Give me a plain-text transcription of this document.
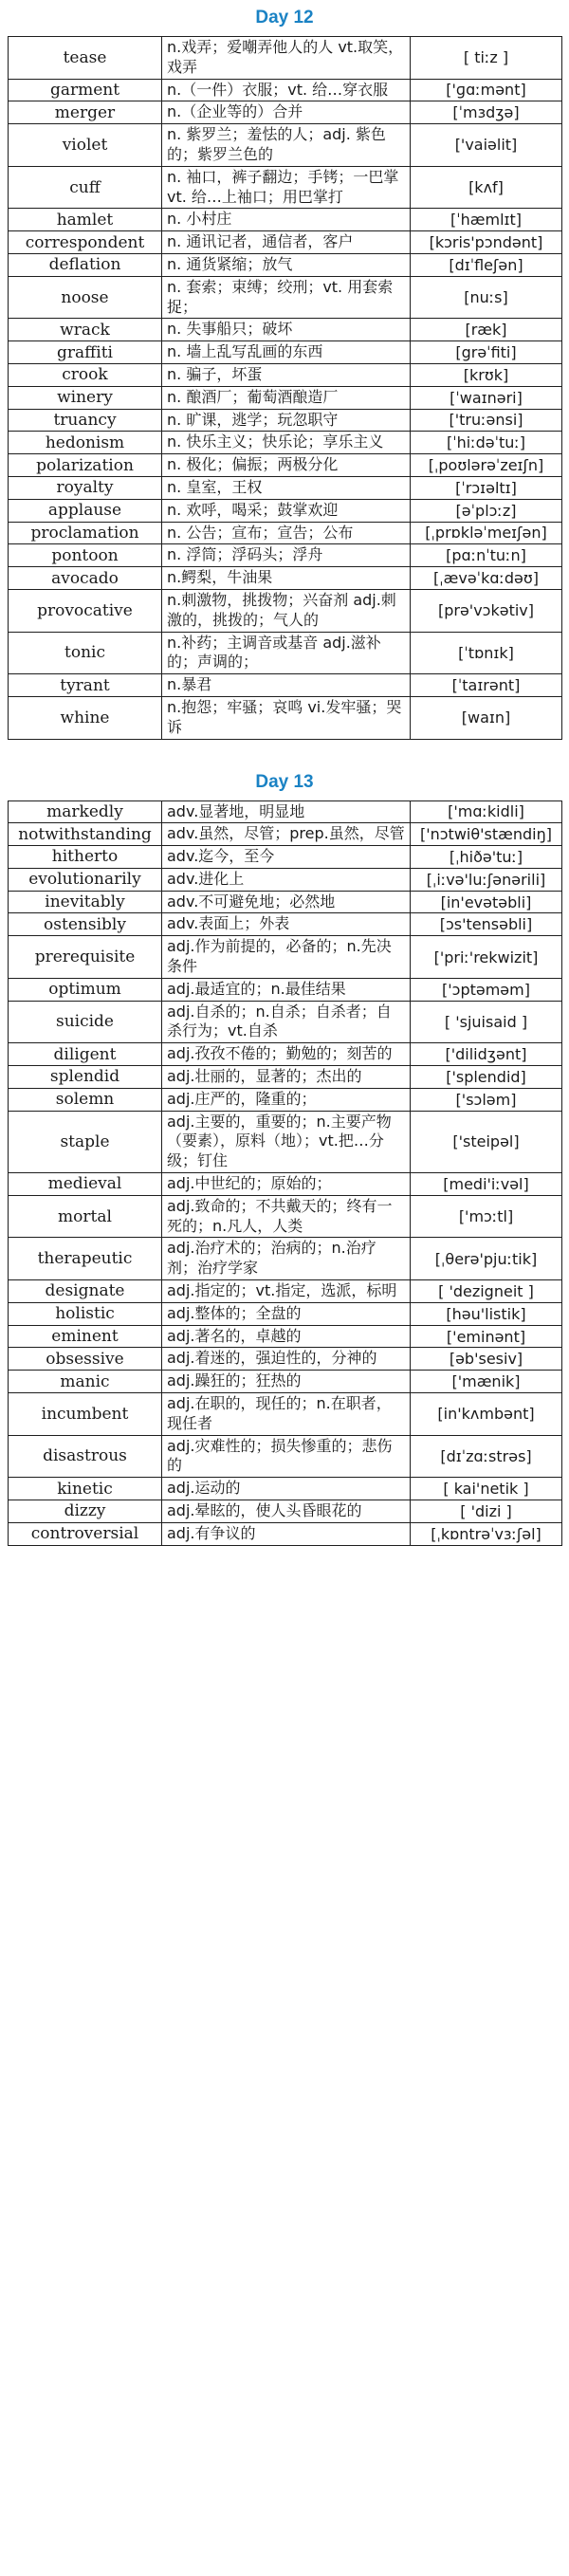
Day 12
tease	n.戏弄；爱嘲弄他人的人 vt.取笑，戏弄	[ tiːz ]
garment	n.（一件）衣服；vt. 给…穿衣服	['ɡɑːmənt]
merger	n.（企业等的）合并	[ˈmɜdʒə]
violet	n. 紫罗兰；羞怯的人；adj. 紫色的；紫罗兰色的	['vaiəlit]
cuff	n. 袖口，裤子翻边；手铐；一巴掌 vt. 给…上袖口；用巴掌打	[kʌf]
hamlet	n. 小村庄	[ˈhæmlɪt]
correspondent	n. 通讯记者，通信者，客户	[kɔris'pɔndənt]
deflation	n. 通货紧缩；放气	[dɪˈfleʃən]
noose	n. 套索；束缚；绞刑；vt. 用套索捉；	[nuːs]
wrack	n. 失事船只；破坏	[ræk]
graffiti	n. 墙上乱写乱画的东西	[grəˈfiti]
crook	n. 骗子，坏蛋	[krʊk]
winery	n. 酿酒厂；葡萄酒酿造厂	[ˈwaɪnəri]
truancy	n. 旷课，逃学；玩忽职守	['truːənsi]
hedonism	n. 快乐主义；快乐论；享乐主义	[ˈhiːdəˈtuː]
polarization	n. 极化；偏振；两极分化	[ˌpoʊlərəˈzeɪʃn]
royalty	n. 皇室，王权	[ˈrɔɪəltɪ]
applause	n. 欢呼，喝采；鼓掌欢迎	[əˈplɔːz]
proclamation	n. 公告；宣布；宣告；公布	[ˌprɒkləˈmeɪʃən]
pontoon	n. 浮筒；浮码头；浮舟	[pɑːnˈtuːn]
avocado	n.鳄梨，牛油果	[ˌævəˈkɑːdəʊ]
provocative	n.刺激物，挑拨物；兴奋剂 adj.刺激的，挑拨的；气人的	[prə'vɔkətiv]
tonic	n.补药；主调音或基音 adj.滋补的；声调的；	[ˈtɒnɪk]
tyrant	n.暴君	[ˈtaɪrənt]
whine	n.抱怨；牢骚；哀鸣 vi.发牢骚；哭诉	[waɪn]
Day 13
markedly	adv.显著地，明显地	['mɑːkidli]
notwithstanding	adv.虽然，尽管；prep.虽然，尽管	['nɔtwiθ'stændiŋ]
hitherto	adv.迄今，至今	[ˌhiðə'tuː]
evolutionarily	adv.进化上	[ˌiːvə'luːʃənərili]
inevitably	adv.不可避免地；必然地	[in'evətəbli]
ostensibly	adv.表面上；外表	[ɔs'tensəbli]
prerequisite	adj.作为前提的，必备的；n.先决条件	['priː'rekwizit]
optimum	adj.最适宜的；n.最佳结果	['ɔptəməm]
suicide	adj.自杀的；n.自杀；自杀者；自杀行为；vt.自杀	[ 'sjuisaid ]
diligent	adj.孜孜不倦的；勤勉的；刻苦的	['dilidʒənt]
splendid	adj.壮丽的，显著的；杰出的	['splendid]
solemn	adj.庄严的，隆重的；	['sɔləm]
staple	adj.主要的，重要的；n.主要产物（要素），原料（地）；vt.把…分级；钉住	['steipəl]
medieval	adj.中世纪的；原始的；	[medi'iːvəl]
mortal	adj.致命的；不共戴天的；终有一死的；n.凡人，人类	['mɔːtl]
therapeutic	adj.治疗术的；治病的；n.治疗剂；治疗学家	[ˌθerə'pjuːtik]
designate	adj.指定的；vt.指定，选派，标明	[ 'dezigneit ]
holistic	adj.整体的；全盘的	[həu'listik]
eminent	adj.著名的，卓越的	['eminənt]
obsessive	adj.着迷的，强迫性的，分神的	[əb'sesiv]
manic	adj.躁狂的；狂热的	['mænik]
incumbent	adj.在职的，现任的；n.在职者，现任者	[in'kʌmbənt]
disastrous	adj.灾难性的；损失惨重的；悲伤的	[dɪˈzɑːstrəs]
kinetic	adj.运动的	[ kai'netik ]
dizzy	adj.晕眩的，使人头昏眼花的	[ 'dizi ]
controversial	adj.有争议的	[ˌkɒntrəˈvɜːʃəl]
